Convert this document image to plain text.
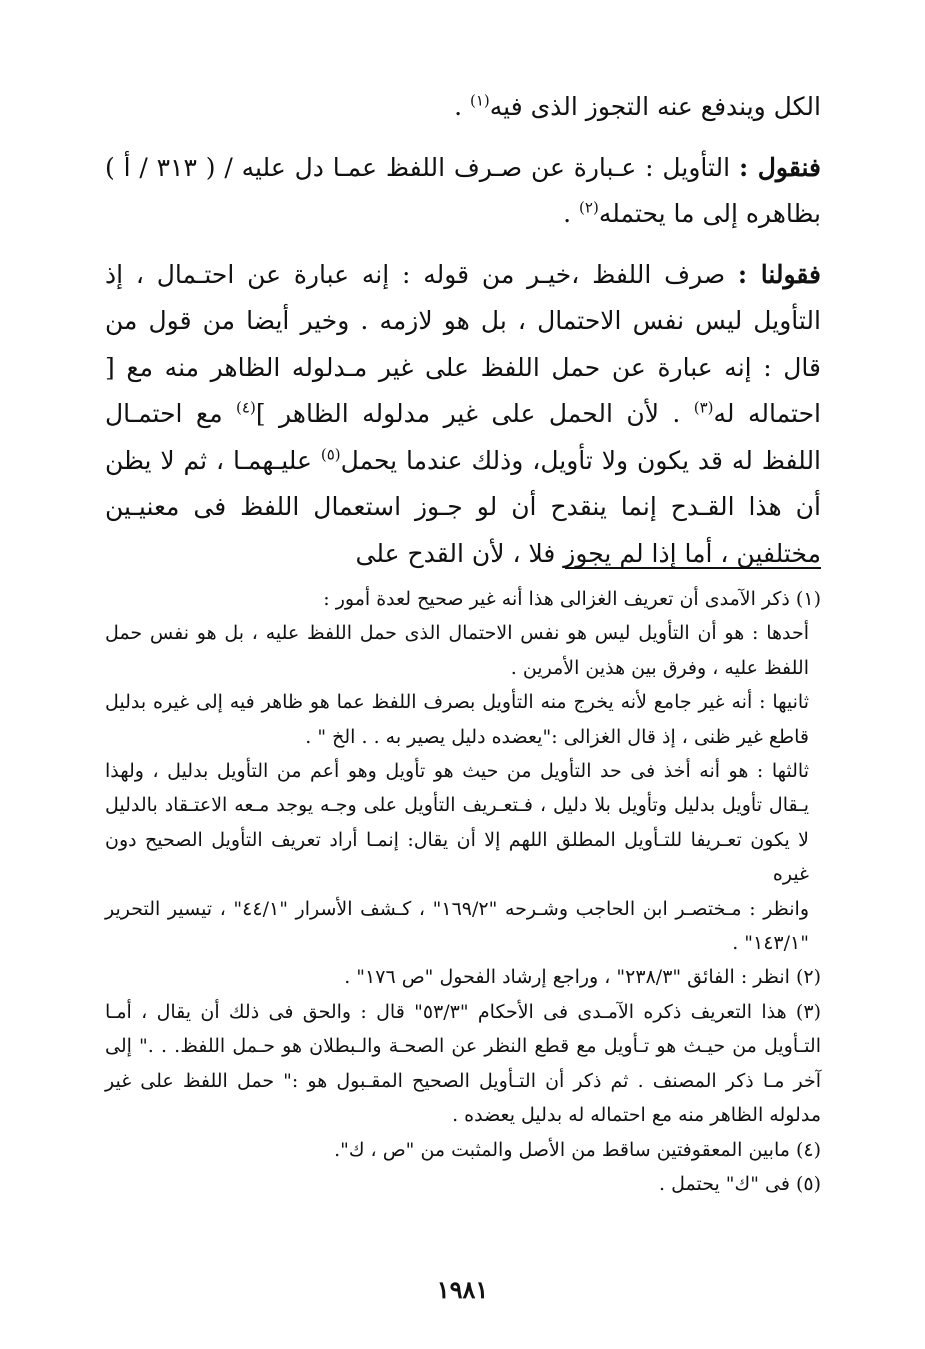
الكل ويندفع عنه التجوز الذى فيه$^{(١)}$ .

فنقول : التأويل : عـبارة عن صـرف اللفظ عمـا دل عليه / ( ٣١٣ / أ ) بظاهره إلى ما يحتمله$^{(٢)}$ .

فقولنا : صرف اللفظ ،خيـر من قوله : إنه عبارة عن احتـمال ، إذ التأويل ليس نفس الاحتمال ، بل هو لازمه . وخير أيضا من قول من قال : إنه عبارة عن حمل اللفظ على غير مـدلوله الظاهر منه مع [ احتماله له$^{(٣)}$ . لأن الحمل على غير مدلوله الظاهر ]$^{(٤)}$ مع احتمـال اللفظ له قد يكون ولا تأويل، وذلك عندما يحمل$^{(٥)}$ عليـهمـا ، ثم لا يظن أن هذا القـدح إنما ينقدح أن لو جـوز استعمال اللفظ فى معنيـين مختلفين ، أما إذا لم يجوز فلا ، لأن القدح على

(١) ذكر الآمدى أن تعريف الغزالى هذا أنه غير صحيح لعدة أمور :

أحدها : هو أن التأويل ليس هو نفس الاحتمال الذى حمل اللفظ عليه ، بل هو نفس حمل اللفظ عليه ، وفرق بين هذين الأمرين .

ثانيها : أنه غير جامع لأنه يخرج منه التأويل بصرف اللفظ عما هو ظاهر فيه إلى غيره بدليل قاطع غير ظنى ، إذ قال الغزالى :"يعضده دليل يصير به . . الخ " .

ثالثها : هو أنه أخذ فى حد التأويل من حيث هو تأويل وهو أعم من التأويل بدليل ، ولهذا يـقال تأويل بدليل وتأويل بلا دليل ، فـتعـريف التأويل على وجـه يوجد مـعه الاعتـقاد بالدليل لا يكون تعـريفا للتـأويل المطلق اللهم إلا أن يقال: إنمـا أراد تعريف التأويل الصحيح دون غيره

وانظر : مـختصـر ابن الحاجب وشـرحه "١٦٩/٢" ، كـشف الأسرار "٤٤/١" ، تيسير التحرير "١٤٣/١" .

(٢) انظر : الفائق "٢٣٨/٣" ، وراجع إرشاد الفحول "ص ١٧٦" .

(٣) هذا التعريف ذكره الآمـدى فى الأحكام "٥٣/٣" قال : والحق فى ذلك أن يقال ، أمـا التـأويل من حيـث هو تـأويل مع قطع النظر عن الصحـة والـبطلان هو حـمل اللفظ. . ." إلى آخر مـا ذكر المصنف . ثم ذكر أن التـأويل الصحيح المقـبول هو :" حمل اللفظ على غير مدلوله الظاهر منه مع احتماله له بدليل يعضده .

(٤) مابين المعقوفتين ساقط من الأصل والمثبت من "ص ، ك".

(٥) فى "ك" يحتمل .

١٩٨١
